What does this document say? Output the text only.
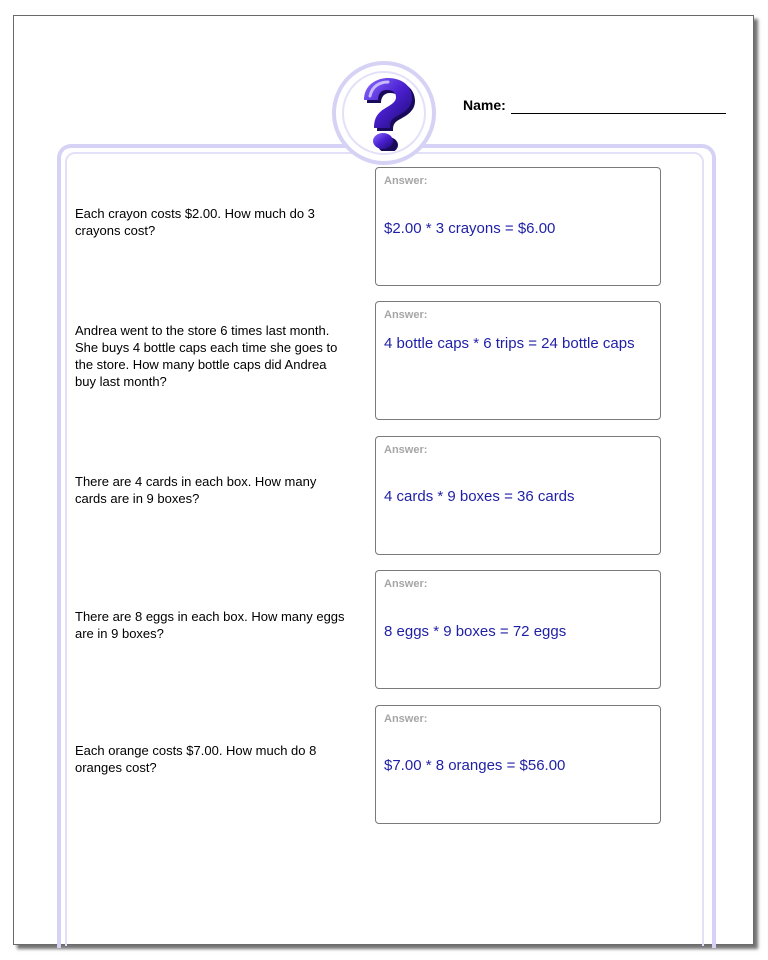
Name:
Each crayon costs $2.00. How much do 3 crayons cost?
Answer:
$2.00 * 3 crayons = $6.00
Andrea went to the store 6 times last month. She buys 4 bottle caps each time she goes to the store. How many bottle caps did Andrea buy last month?
Answer:
4 bottle caps * 6 trips = 24 bottle caps
There are 4 cards in each box. How many cards are in 9 boxes?
Answer:
4 cards * 9 boxes = 36 cards
There are 8 eggs in each box. How many eggs are in 9 boxes?
Answer:
8 eggs * 9 boxes = 72 eggs
Each orange costs $7.00. How much do 8 oranges cost?
Answer:
$7.00 * 8 oranges = $56.00
